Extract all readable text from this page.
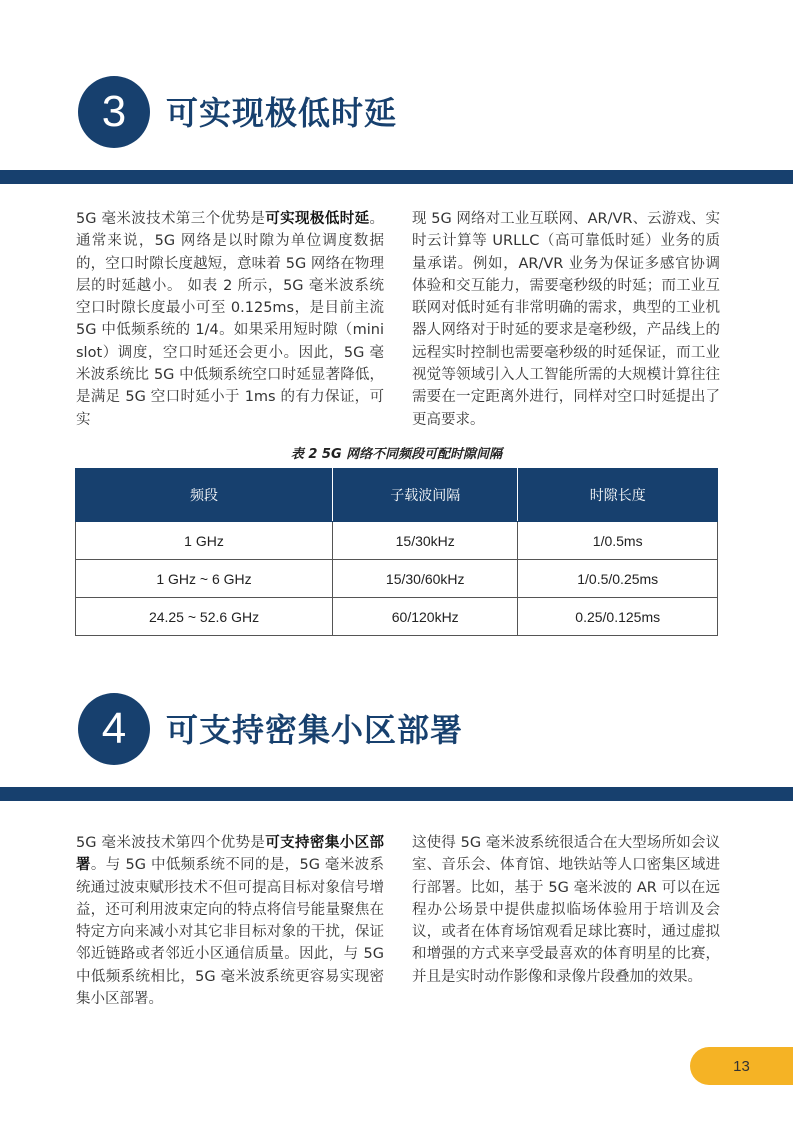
3	可实现极低时延
5G 毫米波技术第三个优势是可实现极低时延。通常来说，5G 网络是以时隙为单位调度数据的，空口时隙长度越短，意味着 5G 网络在物理层的时延越小。 如表 2 所示，5G 毫米波系统空口时隙长度最小可至 0.125ms，是目前主流 5G 中低频系统的 1/4。如果采用短时隙（mini slot）调度，空口时延还会更小。因此，5G 毫米波系统比 5G 中低频系统空口时延显著降低，是满足 5G 空口时延小于 1ms 的有力保证，可实
现 5G 网络对工业互联网、AR/VR、云游戏、实时云计算等 URLLC（高可靠低时延）业务的质量承诺。例如，AR/VR 业务为保证多感官协调体验和交互能力，需要毫秒级的时延；而工业互联网对低时延有非常明确的需求，典型的工业机器人网络对于时延的要求是毫秒级，产品线上的远程实时控制也需要毫秒级的时延保证，而工业视觉等领域引入人工智能所需的大规模计算往往需要在一定距离外进行，同样对空口时延提出了更高要求。
表 2 5G 网络不同频段可配时隙间隔
频段	子载波间隔	时隙长度
1 GHz	15/30kHz	1/0.5ms
1 GHz ~ 6 GHz	15/30/60kHz	1/0.5/0.25ms
24.25 ~ 52.6 GHz	60/120kHz	0.25/0.125ms
4	可支持密集小区部署
5G 毫米波技术第四个优势是可支持密集小区部署。与 5G 中低频系统不同的是，5G 毫米波系统通过波束赋形技术不但可提高目标对象信号增益，还可利用波束定向的特点将信号能量聚焦在特定方向来减小对其它非目标对象的干扰，保证邻近链路或者邻近小区通信质量。因此，与 5G 中低频系统相比，5G 毫米波系统更容易实现密集小区部署。
这使得 5G 毫米波系统很适合在大型场所如会议室、音乐会、体育馆、地铁站等人口密集区域进行部署。比如，基于 5G 毫米波的 AR 可以在远程办公场景中提供虚拟临场体验用于培训及会议，或者在体育场馆观看足球比赛时，通过虚拟和增强的方式来享受最喜欢的体育明星的比赛，并且是实时动作影像和录像片段叠加的效果。
13
